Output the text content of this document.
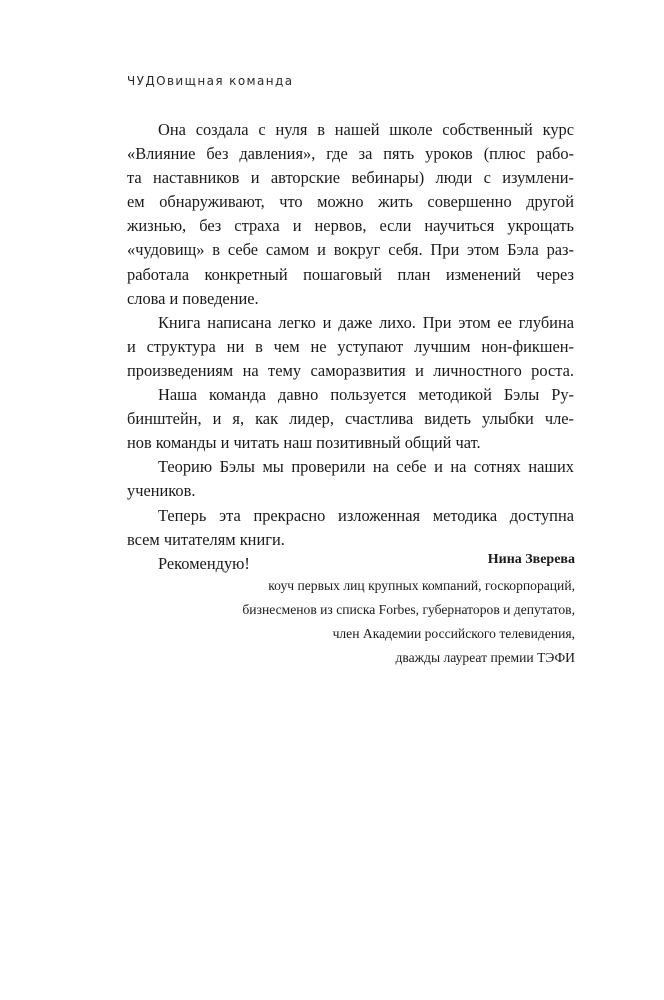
ЧУДОвищная команда
Она создала с нуля в нашей школе собственный курс
«Влияние без давления», где за пять уроков (плюс рабо-
та наставников и авторские вебинары) люди с изумлени-
ем обнаруживают, что можно жить совершенно другой
жизнью, без страха и нервов, если научиться укрощать
«чудовищ» в себе самом и вокруг себя. При этом Бэла раз-
работала конкретный пошаговый план изменений через
слова и поведение.
Книга написана легко и даже лихо. При этом ее глубина
и структура ни в чем не уступают лучшим нон-фикшен-
произведениям на тему саморазвития и личностного роста.
Наша команда давно пользуется методикой Бэлы Ру-
бинштейн, и я, как лидер, счастлива видеть улыбки чле-
нов команды и читать наш позитивный общий чат.
Теорию Бэлы мы проверили на себе и на сотнях наших
учеников.
Теперь эта прекрасно изложенная методика доступна
всем читателям книги.
Рекомендую!	Нина Зверева
коуч первых лиц крупных компаний, госкорпораций,
бизнесменов из списка Forbes, губернаторов и депутатов,
член Академии российского телевидения,
дважды лауреат премии ТЭФИ
